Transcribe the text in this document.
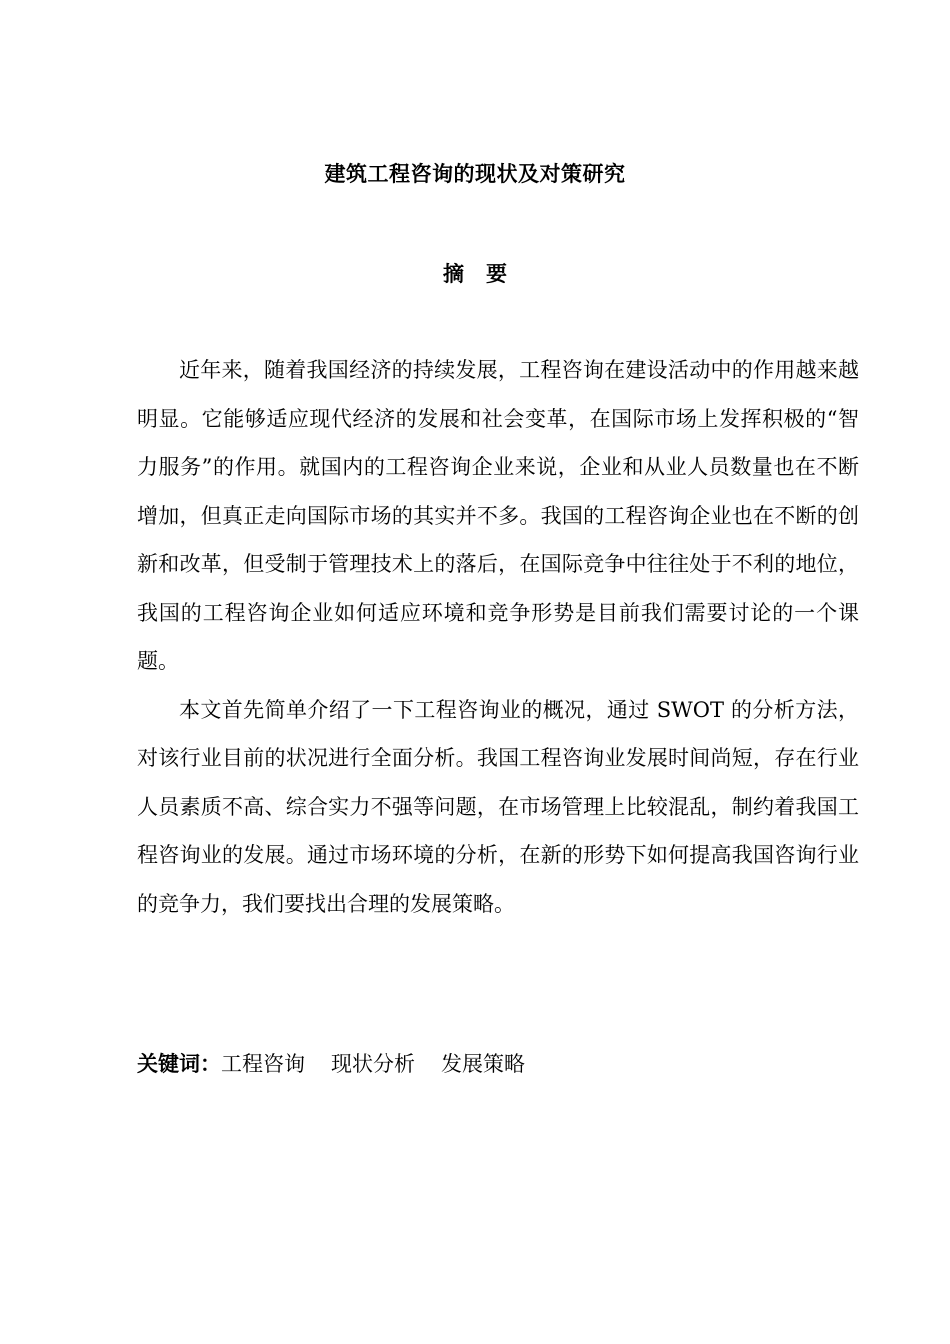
建筑工程咨询的现状及对策研究
摘 要

近年来，随着我国经济的持续发展，工程咨询在建设活动中的作用越来越明显。它能够适应现代经济的发展和社会变革，在国际市场上发挥积极的“智力服务”的作用。就国内的工程咨询企业来说，企业和从业人员数量也在不断增加，但真正走向国际市场的其实并不多。我国的工程咨询企业也在不断的创新和改革，但受制于管理技术上的落后，在国际竞争中往往处于不利的地位，我国的工程咨询企业如何适应环境和竞争形势是目前我们需要讨论的一个课题。

本文首先简单介绍了一下工程咨询业的概况，通过 SWOT 的分析方法，对该行业目前的状况进行全面分析。我国工程咨询业发展时间尚短，存在行业人员素质不高、综合实力不强等问题，在市场管理上比较混乱，制约着我国工程咨询业的发展。通过市场环境的分析，在新的形势下如何提高我国咨询行业的竞争力，我们要找出合理的发展策略。

关键词：工程咨询 现状分析 发展策略
